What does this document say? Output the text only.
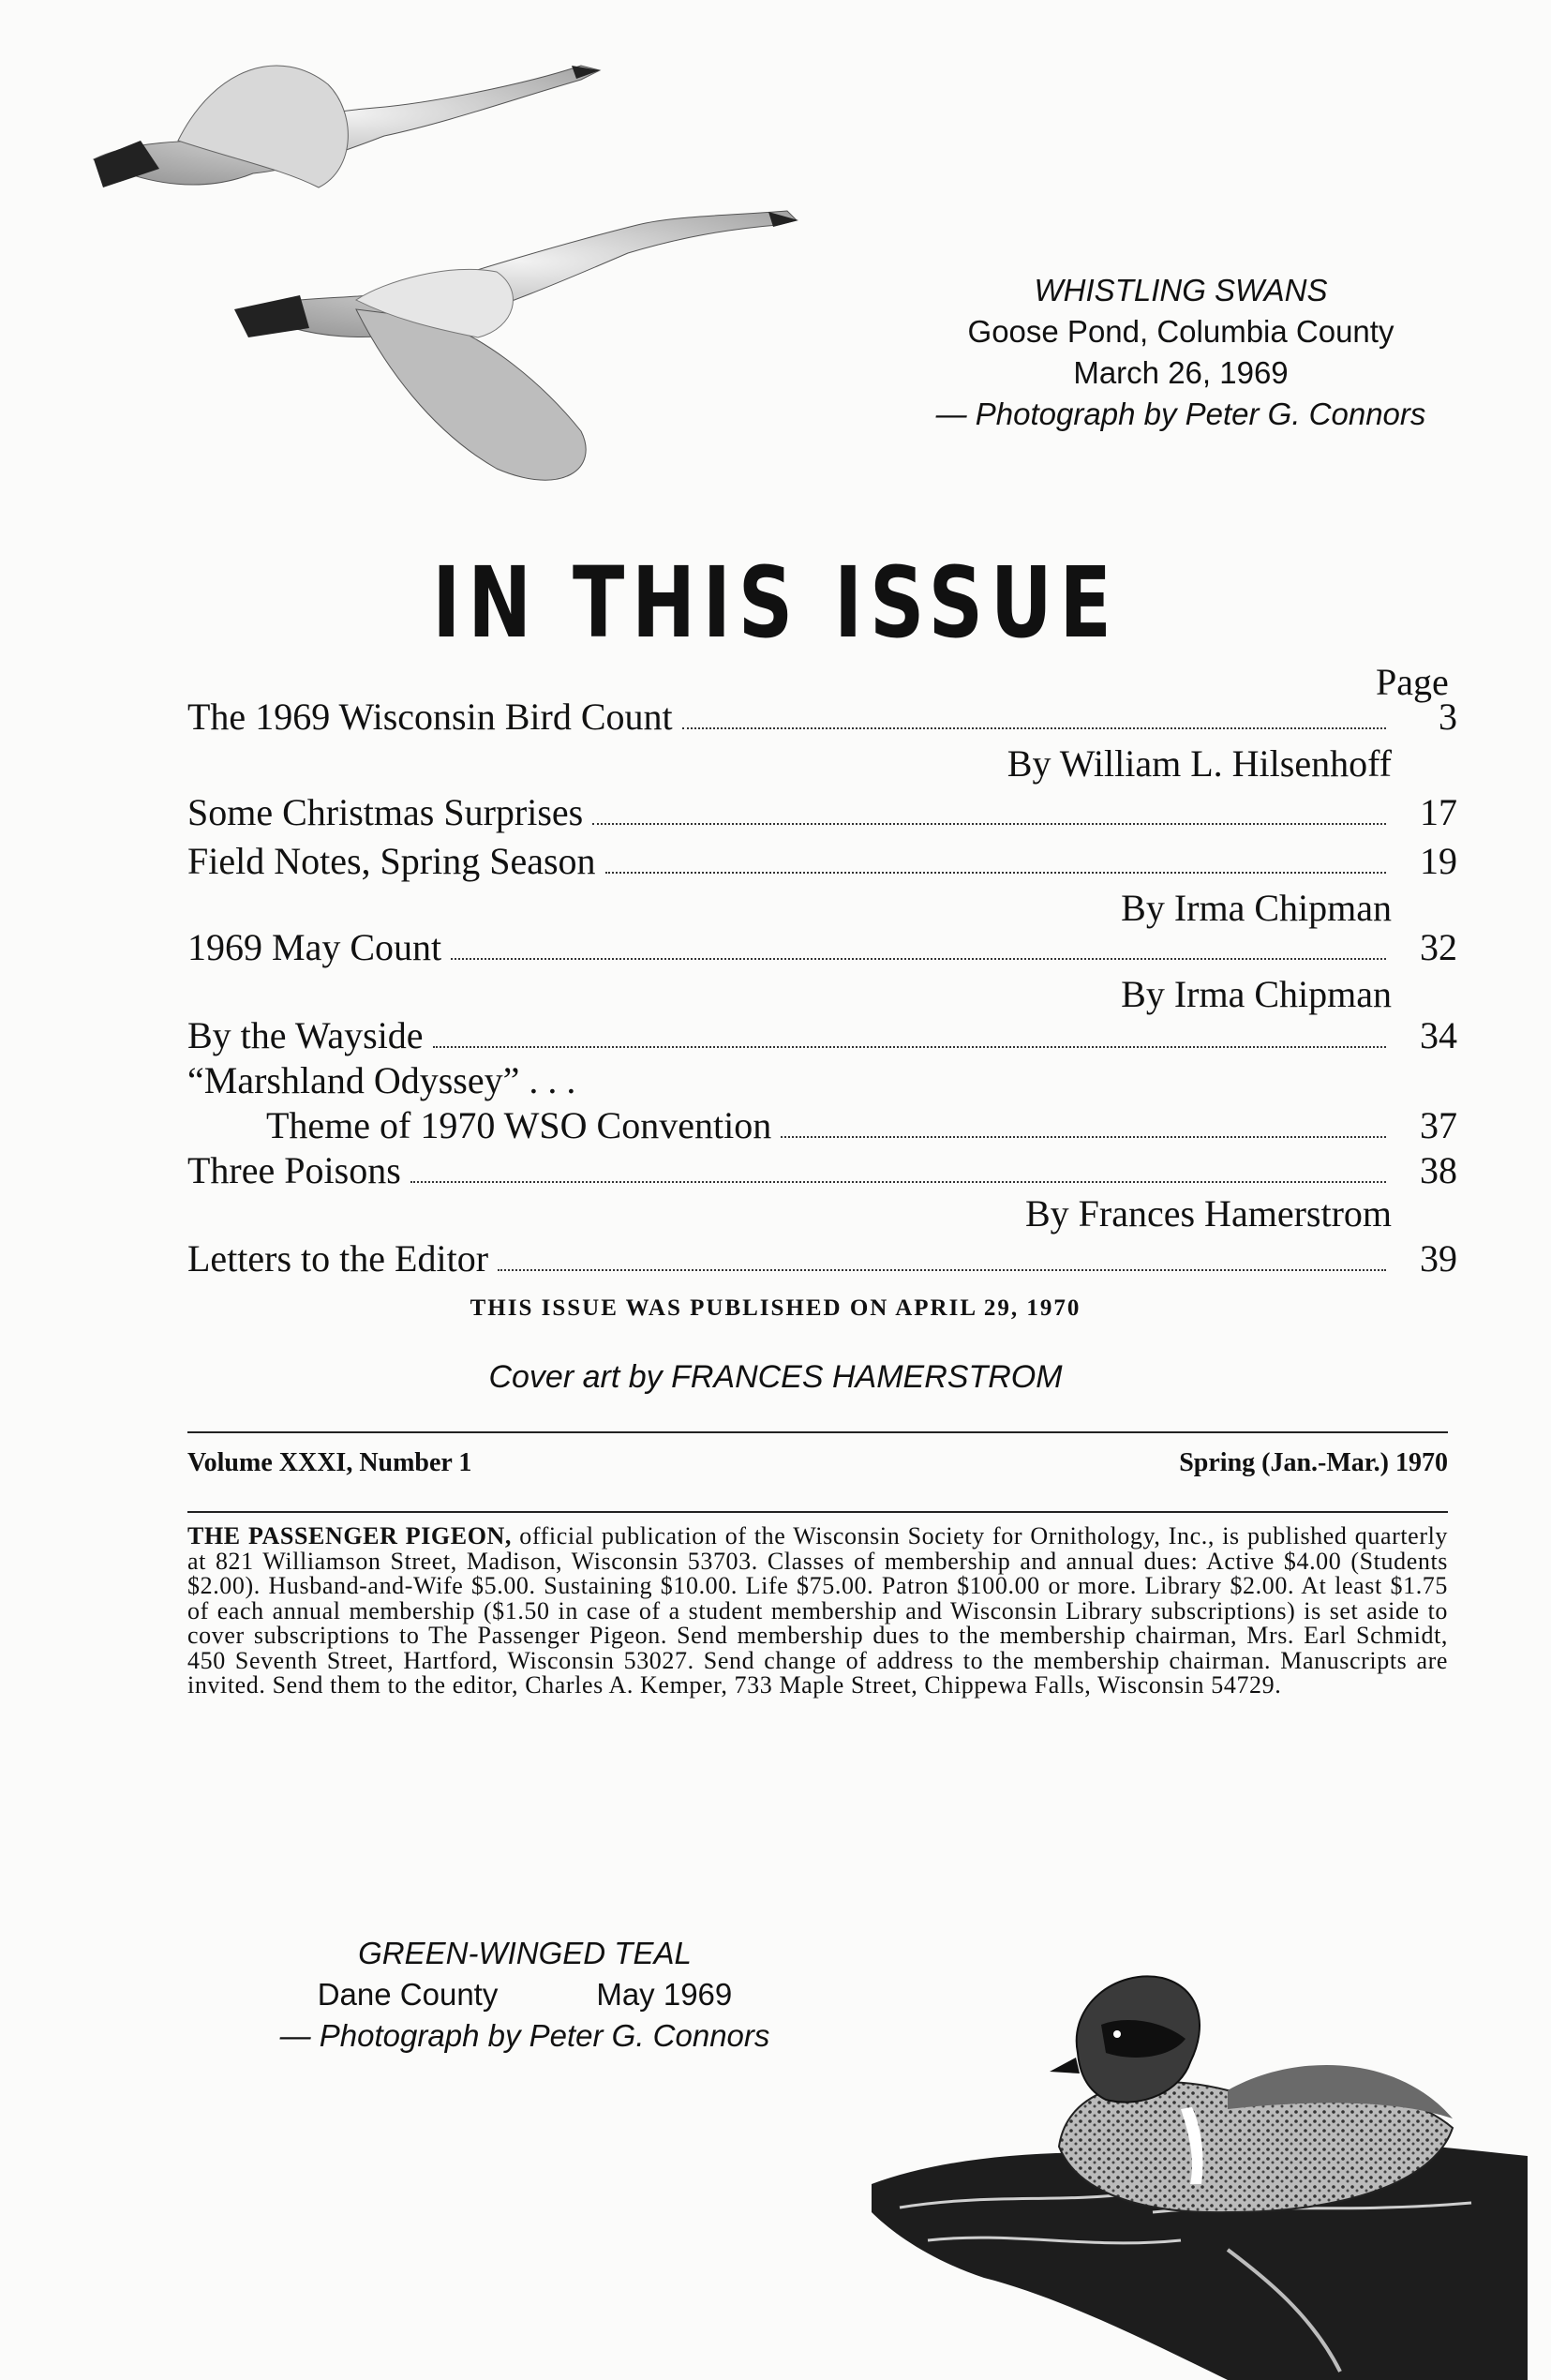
WHISTLING SWANS
Goose Pond, Columbia County
March 26, 1969
— Photograph by Peter G. Connors
IN THIS ISSUE
Page
The 1969 Wisconsin Bird Count	3
By William L. Hilsenhoff
Some Christmas Surprises	17
Field Notes, Spring Season	19
By Irma Chipman
1969 May Count	32
By Irma Chipman
By the Wayside	34
“Marshland Odyssey” . . .
Theme of 1970 WSO Convention	37
Three Poisons	38
By Frances Hamerstrom
Letters to the Editor	39
THIS ISSUE WAS PUBLISHED ON APRIL 29, 1970
Cover art by FRANCES HAMERSTROM
Volume XXXI, Number 1	Spring (Jan.-Mar.) 1970
THE PASSENGER PIGEON, official publication of the Wisconsin Society for Ornithology, Inc., is published quarterly at 821 Williamson Street, Madison, Wisconsin 53703. Classes of membership and annual dues: Active $4.00 (Students $2.00). Husband-and-Wife $5.00. Sustaining $10.00. Life $75.00. Patron $100.00 or more. Library $2.00. At least $1.75 of each annual membership ($1.50 in case of a student membership and Wisconsin Library subscriptions) is set aside to cover subscriptions to The Passenger Pigeon. Send membership dues to the membership chairman, Mrs. Earl Schmidt, 450 Seventh Street, Hartford, Wisconsin 53027. Send change of address to the membership chairman. Manuscripts are invited. Send them to the editor, Charles A. Kemper, 733 Maple Street, Chippewa Falls, Wisconsin 54729.
GREEN-WINGED TEAL
Dane County	May 1969
— Photograph by Peter G. Connors
